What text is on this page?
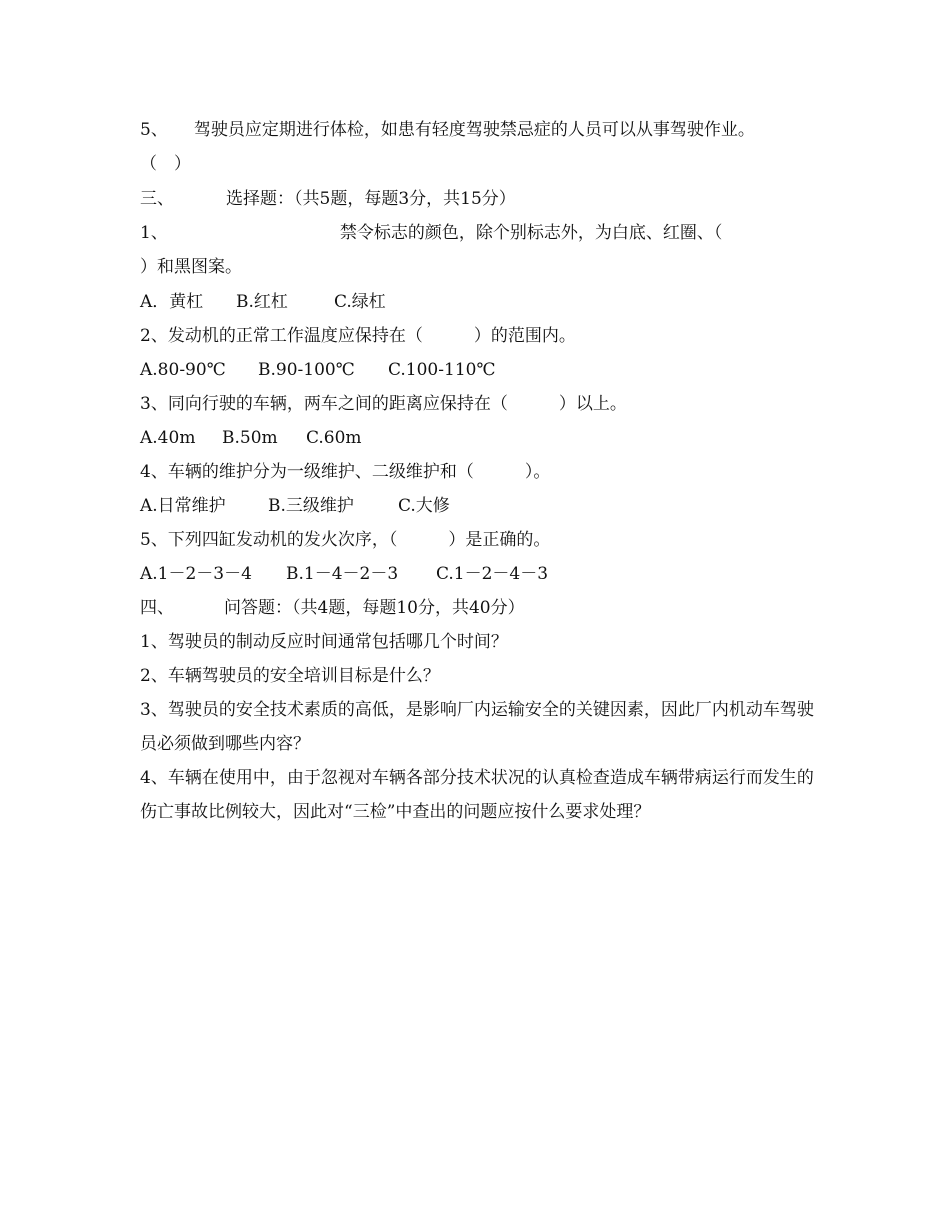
5、 驾驶员应定期进行体检，如患有轻度驾驶禁忌症的人员可以从事驾驶作业。
（　）
三、	选择题：（共5题，每题3分，共15分）
1、	禁令标志的颜色，除个别标志外，为白底、红圈、（
）和黑图案。
A．黄杠 B.红杠	C.绿杠
2、发动机的正常工作温度应保持在（　　　）的范围内。
A.80-90℃ B.90-100℃ C.100-110℃
3、同向行驶的车辆，两车之间的距离应保持在（　　　）以上。
A.40m B.50m C.60m
4、车辆的维护分为一级维护、二级维护和（　　　）。
A.日常维护 B.三级维护	C.大修
5、下列四缸发动机的发火次序，（　　　）是正确的。
A.1－2－3－4 B.1－4－2－3 C.1－2－4－3
四、	问答题：（共4题，每题10分，共40分）
1、驾驶员的制动反应时间通常包括哪几个时间？
2、车辆驾驶员的安全培训目标是什么？
3、驾驶员的安全技术素质的高低，是影响厂内运输安全的关键因素，因此厂内机动车驾驶员必须做到哪些内容？
4、车辆在使用中，由于忽视对车辆各部分技术状况的认真检查造成车辆带病运行而发生的伤亡事故比例较大，因此对“三检”中查出的问题应按什么要求处理？
